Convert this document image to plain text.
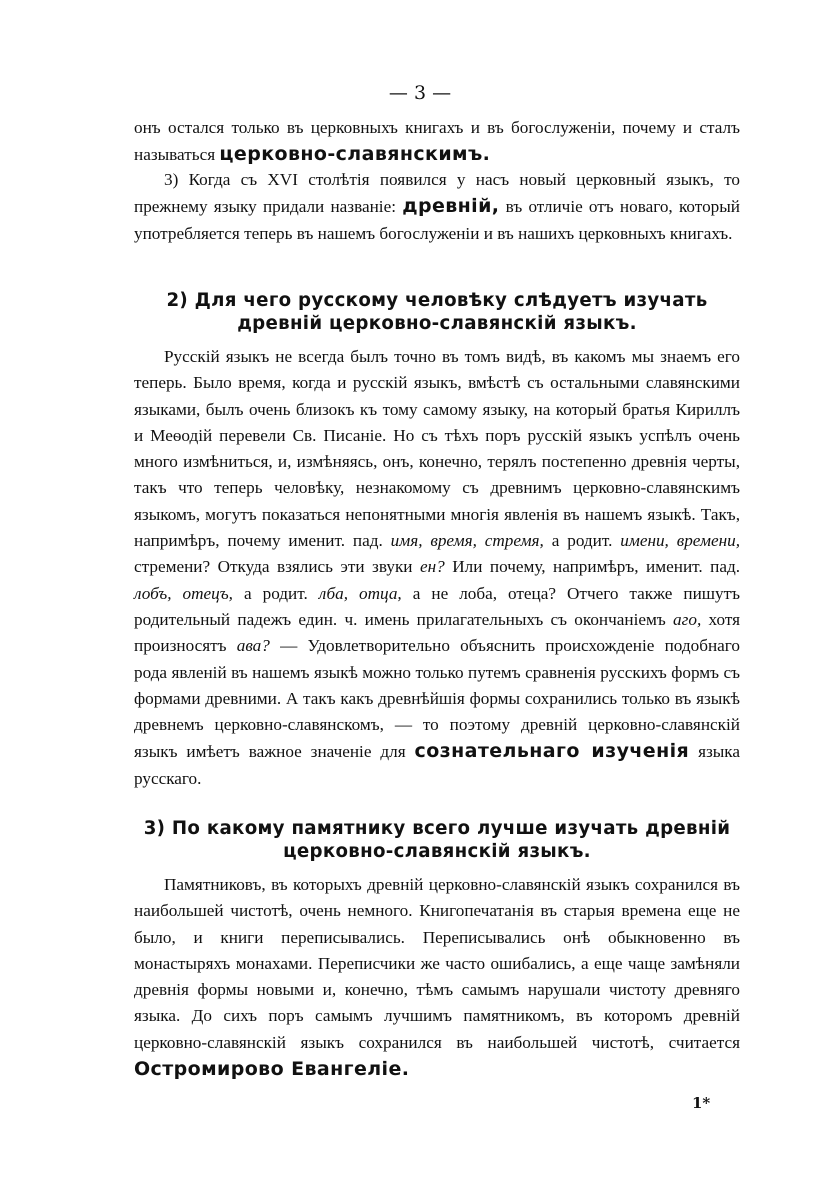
— 3 —

онъ остался только въ церковныхъ книгахъ и въ богослуженіи, почему и сталъ называться церковно-славянскимъ.

3) Когда съ XVI столѣтія появился у насъ новый церковный языкъ, то прежнему языку придали названіе: древній, въ отличіе отъ новаго, который употребляется теперь въ нашемъ богослуженіи и въ нашихъ церковныхъ книгахъ.

2) Для чего русскому человѣку слѣдуетъ изучать
древній церковно-славянскій языкъ.

Русскій языкъ не всегда былъ точно въ томъ видѣ, въ какомъ мы знаемъ его теперь. Было время, когда и русскій языкъ, вмѣстѣ съ остальными славянскими языками, былъ очень близокъ къ тому самому языку, на который братья Кириллъ и Меѳодій перевели Св. Писаніе. Но съ тѣхъ поръ русскій языкъ успѣлъ очень много измѣниться, и, измѣняясь, онъ, конечно, терялъ постепенно древнія черты, такъ что теперь человѣку, незнакомому съ древнимъ церковно-славянскимъ языкомъ, могутъ показаться непонятными многія явленія въ нашемъ языкѣ. Такъ, напримѣръ, почему именит. пад. имя, время, стремя, а родит. имени, времени, стремени? Откуда взялись эти звуки ен? Или почему, напримѣръ, именит. пад. лобъ, отецъ, а родит. лба, отца, а не лоба, отеца? Отчего также пишутъ родительный падежъ един. ч. имень прилагательныхъ съ окончаніемъ аго, хотя произносятъ ава? — Удовлетворительно объяснить происхожденіе подобнаго рода явленій въ нашемъ языкѣ можно только путемъ сравненія русскихъ формъ съ формами древними. А такъ какъ древнѣйшія формы сохранились только въ языкѣ древнемъ церковно-славянскомъ, — то поэтому древній церковно-славянскій языкъ имѣетъ важное значеніе для сознательнаго изученія языка русскаго.

3) По какому памятнику всего лучше изучать древній
церковно-славянскій языкъ.

Памятниковъ, въ которыхъ древній церковно-славянскій языкъ сохранился въ наибольшей чистотѣ, очень немного. Книгопечатанія въ старыя времена еще не было, и книги переписывались. Переписывались онѣ обыкновенно въ монастыряхъ монахами. Переписчики же часто ошибались, а еще чаще замѣняли древнія формы новыми и, конечно, тѣмъ самымъ нарушали чистоту древняго языка. До сихъ поръ самымъ лучшимъ памятникомъ, въ которомъ древній церковно-славянскій языкъ сохранился въ наибольшей чистотѣ, считается Остромирово Евангеліе.

1*
